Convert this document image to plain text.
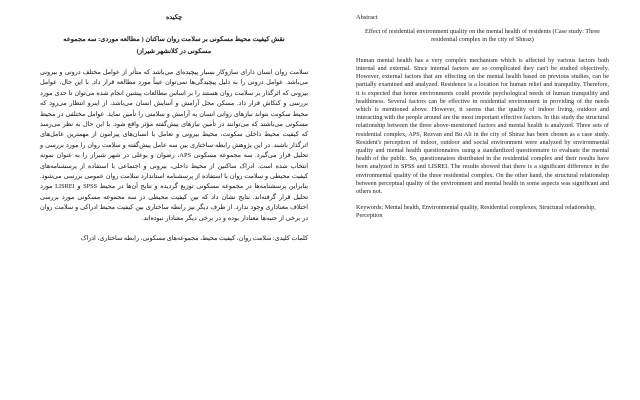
چکیده
نقش کیفیت محیط مسکونی بر سلامت روان ساکنان ( مطالعه موردی: سه مجموعه مسکونی در کلانشهر شیراز)

سلامت روان انسان دارای سازوکار بسیار پیچیده‌ای می‌باشد که متأثر از عوامل مختلف درونی و بیرونی می‌باشد. عوامل درونی را به دلیل پیچیدگی‌ها نمی‌توان عیناً مورد مطالعه قرار داد. با این حال، عوامل بیرونی که اثرگذار بر سلامت روان هستند را بر اساس مطالعات پیشین انجام شده می‌توان تا حدی مورد بررسی و کنکاش قرار داد. مسکن محل آرامش و آسایش انسان می‌باشد، از اینرو انتظار می‌رود که محیط سکونت بتواند نیازهای روانی انسان به آرامش و سلامتی را تأمین نماید. عوامل مختلفی در محیط مسکونی می‌باشند که می‌توانند در تأمین نیازهای پیش‌گفته مؤثر واقع شود. با این حال به نظر می‌رسد که کیفیت محیط داخلی سکونت، محیط بیرونی و تعامل با انسان‌های پیرامون از مهمترین عامل‌های اثرگذار باشند. در این پژوهش رابطه ساختاری بین سه عامل پیش‌گفته و سلامت روان را مورد بررسی و تحلیل قرار می‌گیرد. سه مجموعه مسکونی APS، رضوان و بوعلی در شهر شیراز را به عنوان نمونه انتخاب شده است. ادراک ساکنین از محیط داخلی، بیرونی و اجتماعی با استفاده از پرسشنامه‌های کیفیت محیطی و سلامت روان با استفاده از پرسشنامه استاندارد سلامت روان عمومی بررسی می‌شود. بنابراین پرسشنامه‌ها در مجموعه مسکونی توزیع گردیده و نتایج آن‌ها در محیط SPSS و LISREI مورد تحلیل قرار گرفته‌اند. نتایج نشان داد که بین کیفیت محیطی در سه مجموعه مسکونی مورد بررسی اختلاف معناداری وجود ندارد. از طرف دیگر نیز رابطه ساختاری بین کیفیت محیط ادراکی و سلامت روان در برخی از جنبه‌ها معنادار بوده و در برخی دیگر معنادار نبوده‌اند.

کلمات کلیدی: سلامت روان، کیفیت محیط، مجموعه‌های مسکونی، رابطه ساختاری، ادراک

Abstract
Effect of residential environment quality on the mental health of residents (Case study: Three residential complex in the city of Shiraz)

Human mental health has a very complex mechanism which is affected by various factors both internal and external. Since internal factors are so complicated they can't be studied objectively. However, external factors that are effecting on the mental health based on previous studies, can be partially examined and analyzed. Residence is a location for human relief and tranquility. Therefore, it is expected that home environments could provide psychological needs of human tranquility and healthiness. Several factors can be effective in residential environment in providing of the needs which is mentioned above. However, it seems that the quality of indoor living, outdoor and interacting with the people around are the most important effective factors. In this study the structural relationship between the three above-mentioned factors and mental health is analyzed. Three sets of residential complex, APS, Rezvan and Bu Ali in the city of Shiraz has been chosen as a case study. Resident's perception of indoor, outdoor and social environment were analyzed by environmental quality and mental health questionnaires using a standardized questionnaire to evaluate the mental health of the public. So, questionnaires distributed in the residential complex and their results have been analyzed in SPSS and LISREI. The results showed that there is a significant difference in the environmental quality of the three residential complex. On the other hand, the structural relationship between perceptual quality of the environment and mental health in some aspects was significant and others not.

Keywords; Mental health, Environmental quality, Residential complexes, Structural relationship, Perception
